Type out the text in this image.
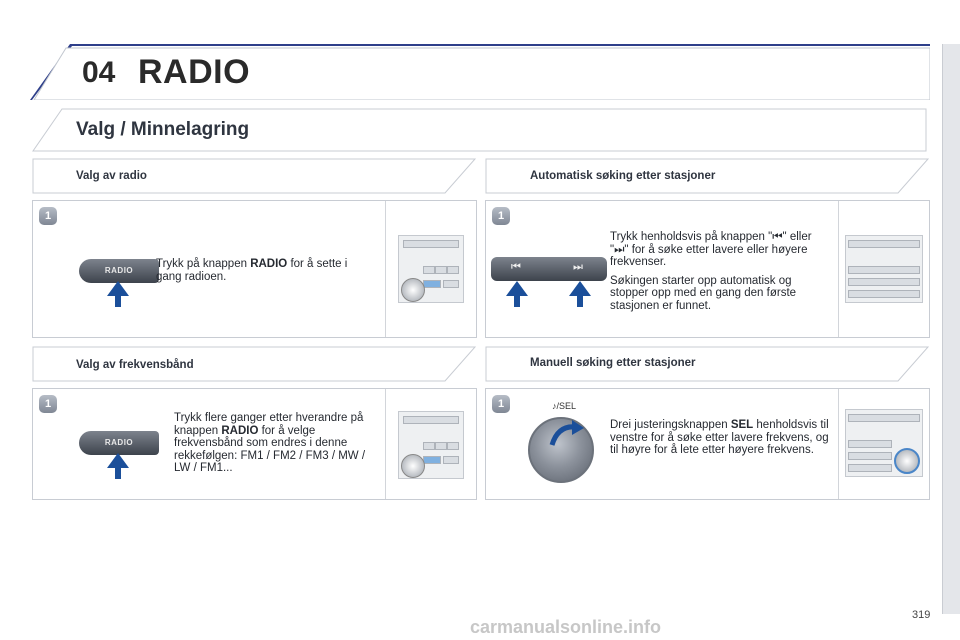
04 RADIO
Valg / Minnelagring
Valg av radio	Automatisk søking etter stasjoner
Valg av frekvensbånd	Manuell søking etter stasjoner
1
RADIO
Trykk på knappen RADIO for å sette i gang radioen.
1
⏮	⏭
Trykk henholdsvis på knappen "⏮" eller "⏭" for å søke etter lavere eller høyere frekvenser.
Søkingen starter opp automatisk og stopper opp med en gang den første stasjonen er funnet.
1
RADIO
Trykk flere ganger etter hverandre på knappen RADIO for å velge frekvensbånd som endres i denne rekkefølgen: FM1 / FM2 / FM3 / MW / LW / FM1...
1	♪/SEL
Drei justeringsknappen SEL henholdsvis til venstre for å søke etter lavere frekvens, og til høyre for å lete etter høyere frekvens.
319
carmanualsonline.info
